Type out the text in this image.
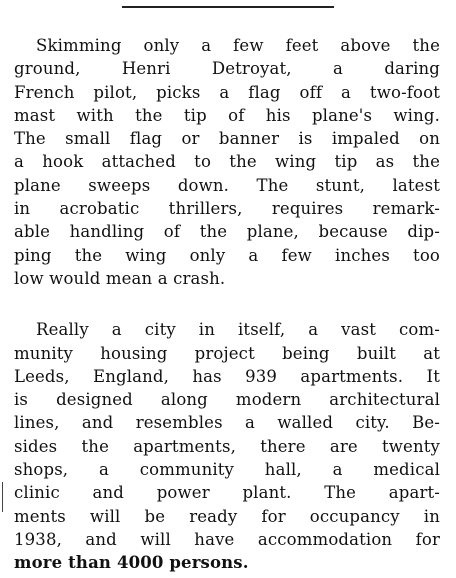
Skimming only a few feet above the
ground, Henri Detroyat, a daring
French pilot, picks a flag off a two-foot
mast with the tip of his plane's wing.
The small flag or banner is impaled on
a hook attached to the wing tip as the
plane sweeps down. The stunt, latest
in acrobatic thrillers, requires remark-
able handling of the plane, because dip-
ping the wing only a few inches too
low would mean a crash.

Really a city in itself, a vast com-
munity housing project being built at
Leeds, England, has 939 apartments. It
is designed along modern architectural
lines, and resembles a walled city. Be-
sides the apartments, there are twenty
shops, a community hall, a medical
clinic and power plant. The apart-
ments will be ready for occupancy in
1938, and will have accommodation for
more than 4000 persons.
